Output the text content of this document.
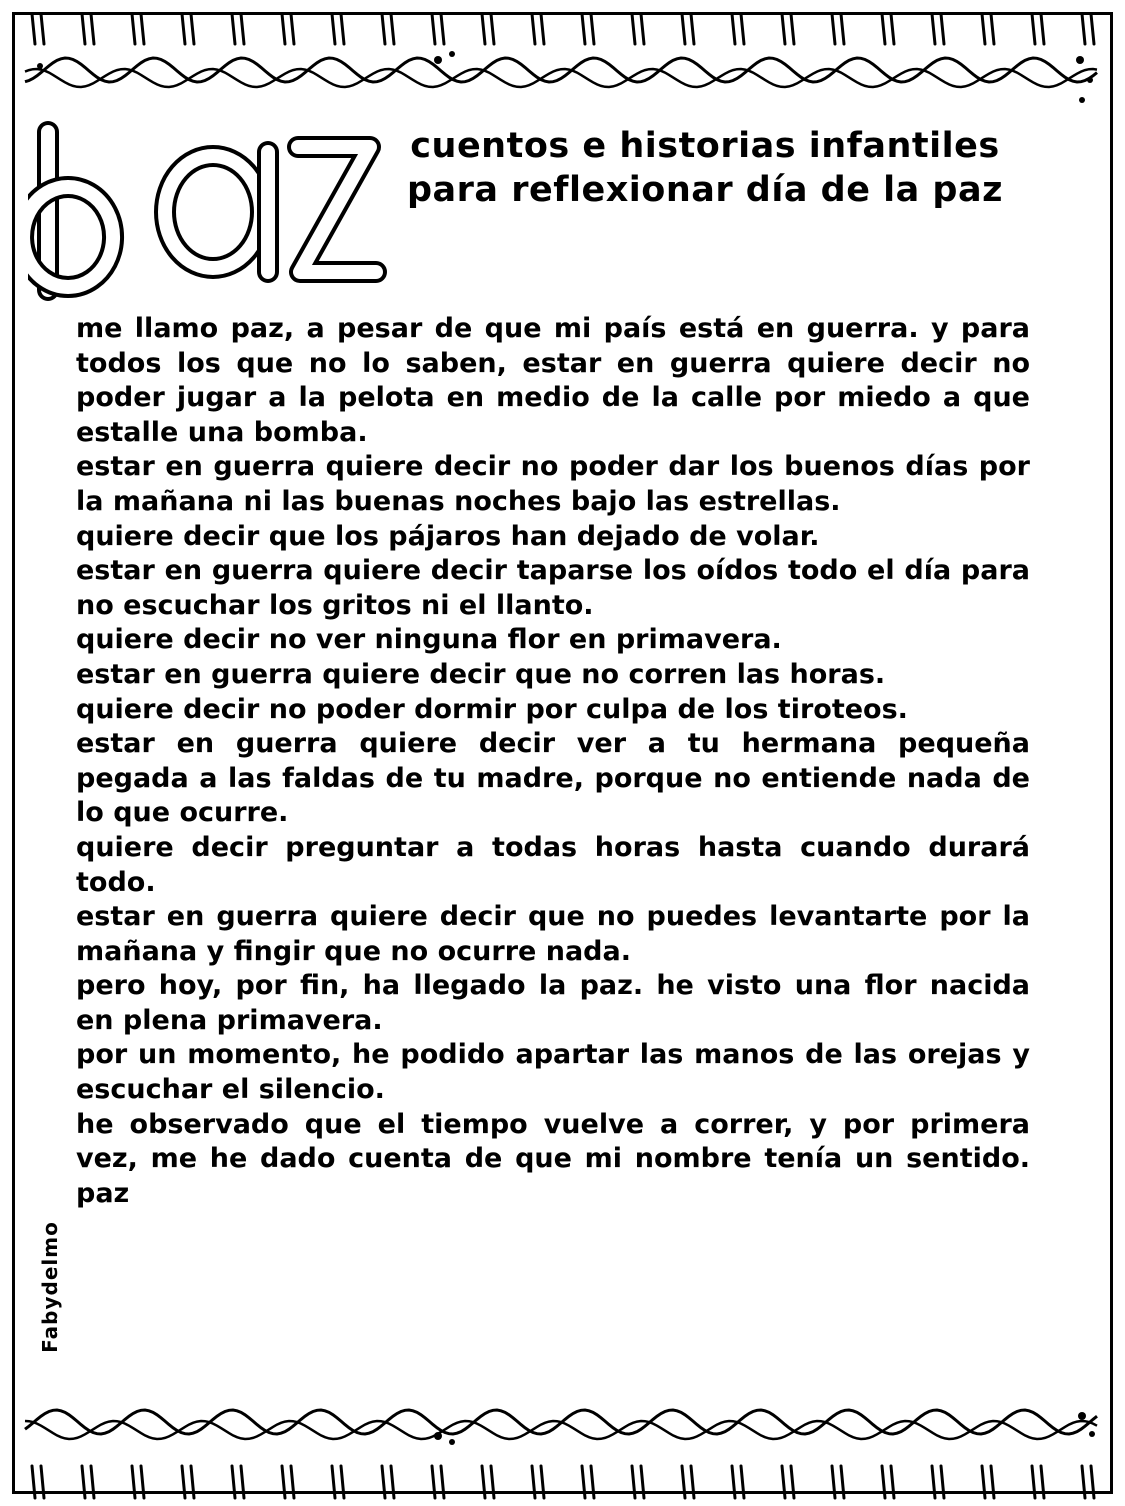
cuentos e historias infantiles para reflexionar día de la paz

me llamo paz, a pesar de que mi país está en guerra. y para todos los que no lo saben, estar en guerra quiere decir no poder jugar a la pelota en medio de la calle por miedo a que estalle una bomba.

estar en guerra quiere decir no poder dar los buenos días por la mañana ni las buenas noches bajo las estrellas.

quiere decir que los pájaros han dejado de volar.

estar en guerra quiere decir taparse los oídos todo el día para no escuchar los gritos ni el llanto.

quiere decir no ver ninguna flor en primavera.

estar en guerra quiere decir que no corren las horas.

quiere decir no poder dormir por culpa de los tiroteos.

estar en guerra quiere decir ver a tu hermana pequeña pegada a las faldas de tu madre, porque no entiende nada de lo que ocurre.

quiere decir preguntar a todas horas hasta cuando durará todo.

estar en guerra quiere decir que no puedes levantarte por la mañana y fingir que no ocurre nada.

pero hoy, por fin, ha llegado la paz. he visto una flor nacida en plena primavera.

por un momento, he podido apartar las manos de las orejas y escuchar el silencio.

he observado que el tiempo vuelve a correr, y por primera vez, me he dado cuenta de que mi nombre tenía un sentido. paz

Fabydelmo
